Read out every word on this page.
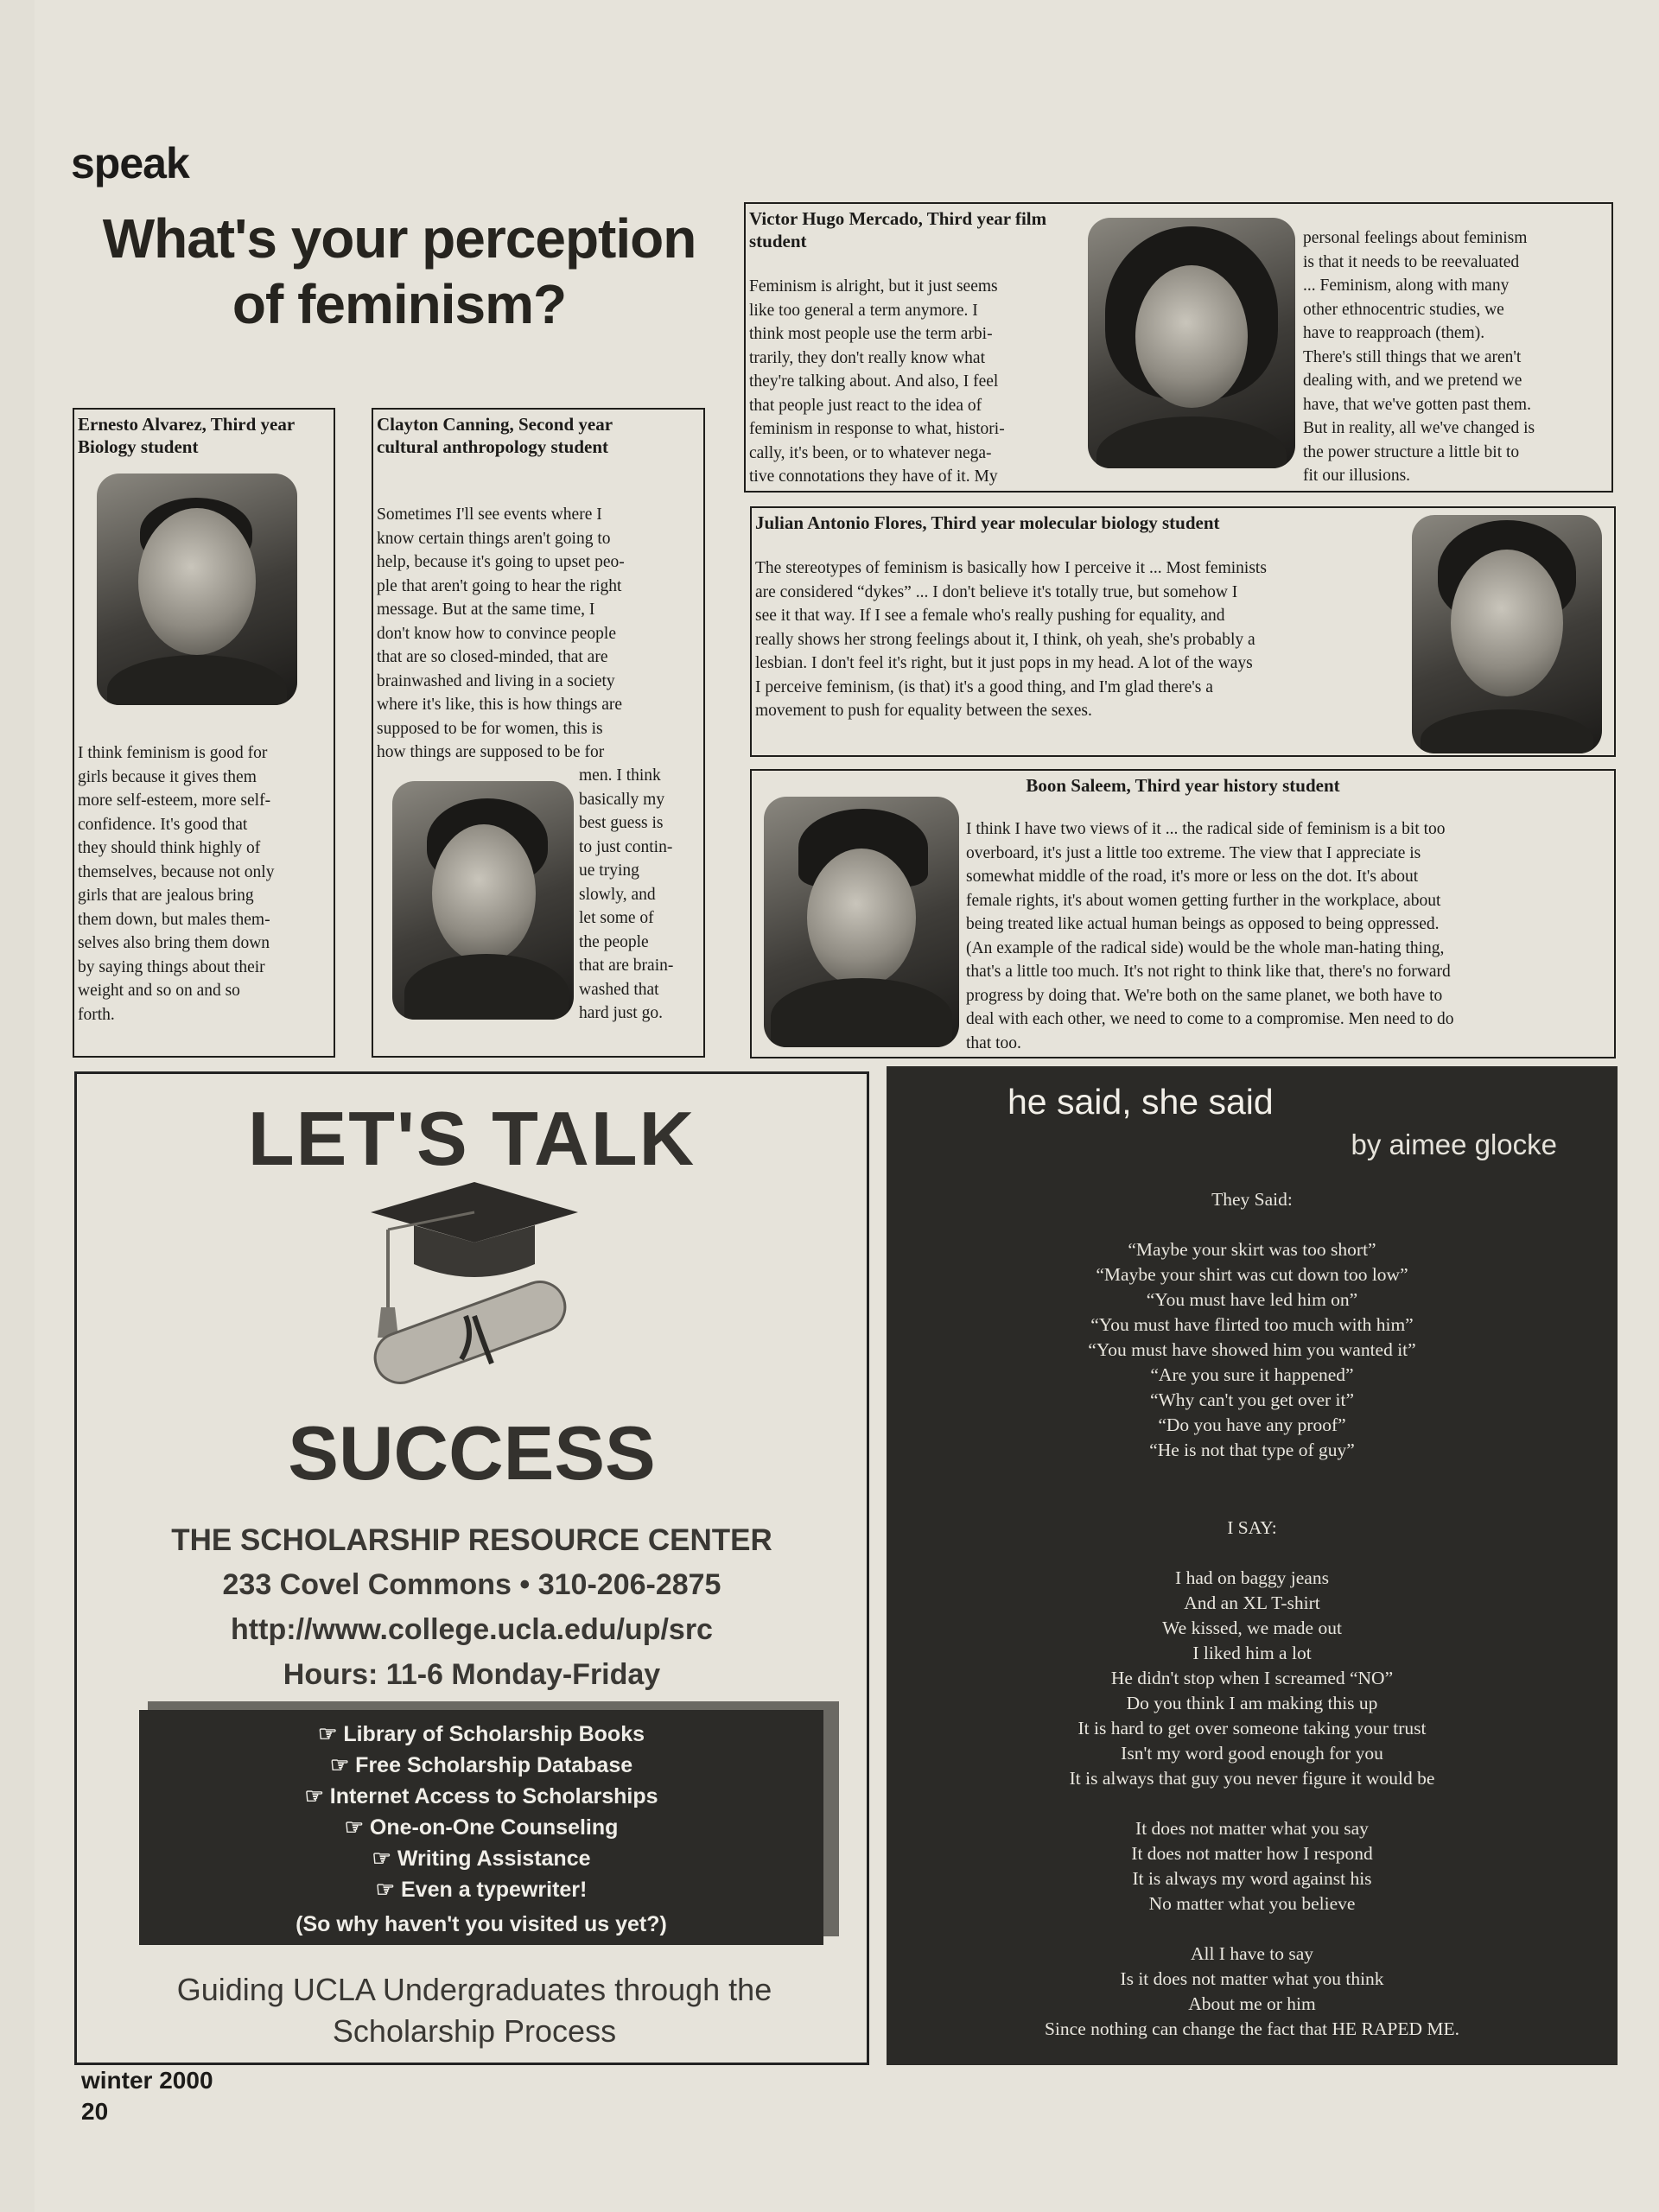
speak
What's your perception of feminism?
Victor Hugo Mercado, Third year film student
Feminism is alright, but it just seems
like too general a term anymore. I
think most people use the term arbi-
trarily, they don't really know what
they're talking about. And also, I feel
that people just react to the idea of
feminism in response to what, histori-
cally, it's been, or to whatever nega-
tive connotations they have of it. My
personal feelings about feminism
is that it needs to be reevaluated
... Feminism, along with many
other ethnocentric studies, we
have to reapproach (them).
There's still things that we aren't
dealing with, and we pretend we
have, that we've gotten past them.
But in reality, all we've changed is
the power structure a little bit to
fit our illusions.
Julian Antonio Flores, Third year molecular biology student
The stereotypes of feminism is basically how I perceive it ... Most feminists
are considered “dykes” ... I don't believe it's totally true, but somehow I
see it that way. If I see a female who's really pushing for equality, and
really shows her strong feelings about it, I think, oh yeah, she's probably a
lesbian. I don't feel it's right, but it just pops in my head. A lot of the ways
I perceive feminism, (is that) it's a good thing, and I'm glad there's a
movement to push for equality between the sexes.
Boon Saleem, Third year history student
I think I have two views of it ... the radical side of feminism is a bit too
overboard, it's just a little too extreme. The view that I appreciate is
somewhat middle of the road, it's more or less on the dot. It's about
female rights, it's about women getting further in the workplace, about
being treated like actual human beings as opposed to being oppressed.
(An example of the radical side) would be the whole man-hating thing,
that's a little too much. It's not right to think like that, there's no forward
progress by doing that. We're both on the same planet, we both have to
deal with each other, we need to come to a compromise. Men need to do
that too.
Ernesto Alvarez, Third year Biology student
I think feminism is good for
girls because it gives them
more self-esteem, more self-
confidence. It's good that
they should think highly of
themselves, because not only
girls that are jealous bring
them down, but males them-
selves also bring them down
by saying things about their
weight and so on and so
forth.
Clayton Canning, Second year cultural anthropology student
Sometimes I'll see events where I
know certain things aren't going to
help, because it's going to upset peo-
ple that aren't going to hear the right
message. But at the same time, I
don't know how to convince people
that are so closed-minded, that are
brainwashed and living in a society
where it's like, this is how things are
supposed to be for women, this is
how things are supposed to be for
men. I think
basically my
best guess is
to just contin-
ue trying
slowly, and
let some of
the people
that are brain-
washed that
hard just go.
LET'S TALK
SUCCESS
THE SCHOLARSHIP RESOURCE CENTER
233 Covel Commons • 310-206-2875
http://www.college.ucla.edu/up/src
Hours: 11-6 Monday-Friday
☞ Library of Scholarship Books
☞ Free Scholarship Database
☞ Internet Access to Scholarships
☞ One-on-One Counseling
☞ Writing Assistance
☞ Even a typewriter!
(So why haven't you visited us yet?)
Guiding UCLA Undergraduates through the Scholarship Process
he said, she said
by aimee glocke
They Said:

“Maybe your skirt was too short”
“Maybe your shirt was cut down too low”
“You must have led him on”
“You must have flirted too much with him”
“You must have showed him you wanted it”
“Are you sure it happened”
“Why can't you get over it”
“Do you have any proof”
“He is not that type of guy”
I SAY:

I had on baggy jeans
And an XL T-shirt
We kissed, we made out
I liked him a lot
He didn't stop when I screamed “NO”
Do you think I am making this up
It is hard to get over someone taking your trust
Isn't my word good enough for you
It is always that guy you never figure it would be

It does not matter what you say
It does not matter how I respond
It is always my word against his
No matter what you believe

All I have to say
Is it does not matter what you think
About me or him
Since nothing can change the fact that HE RAPED ME.
winter 2000
20
